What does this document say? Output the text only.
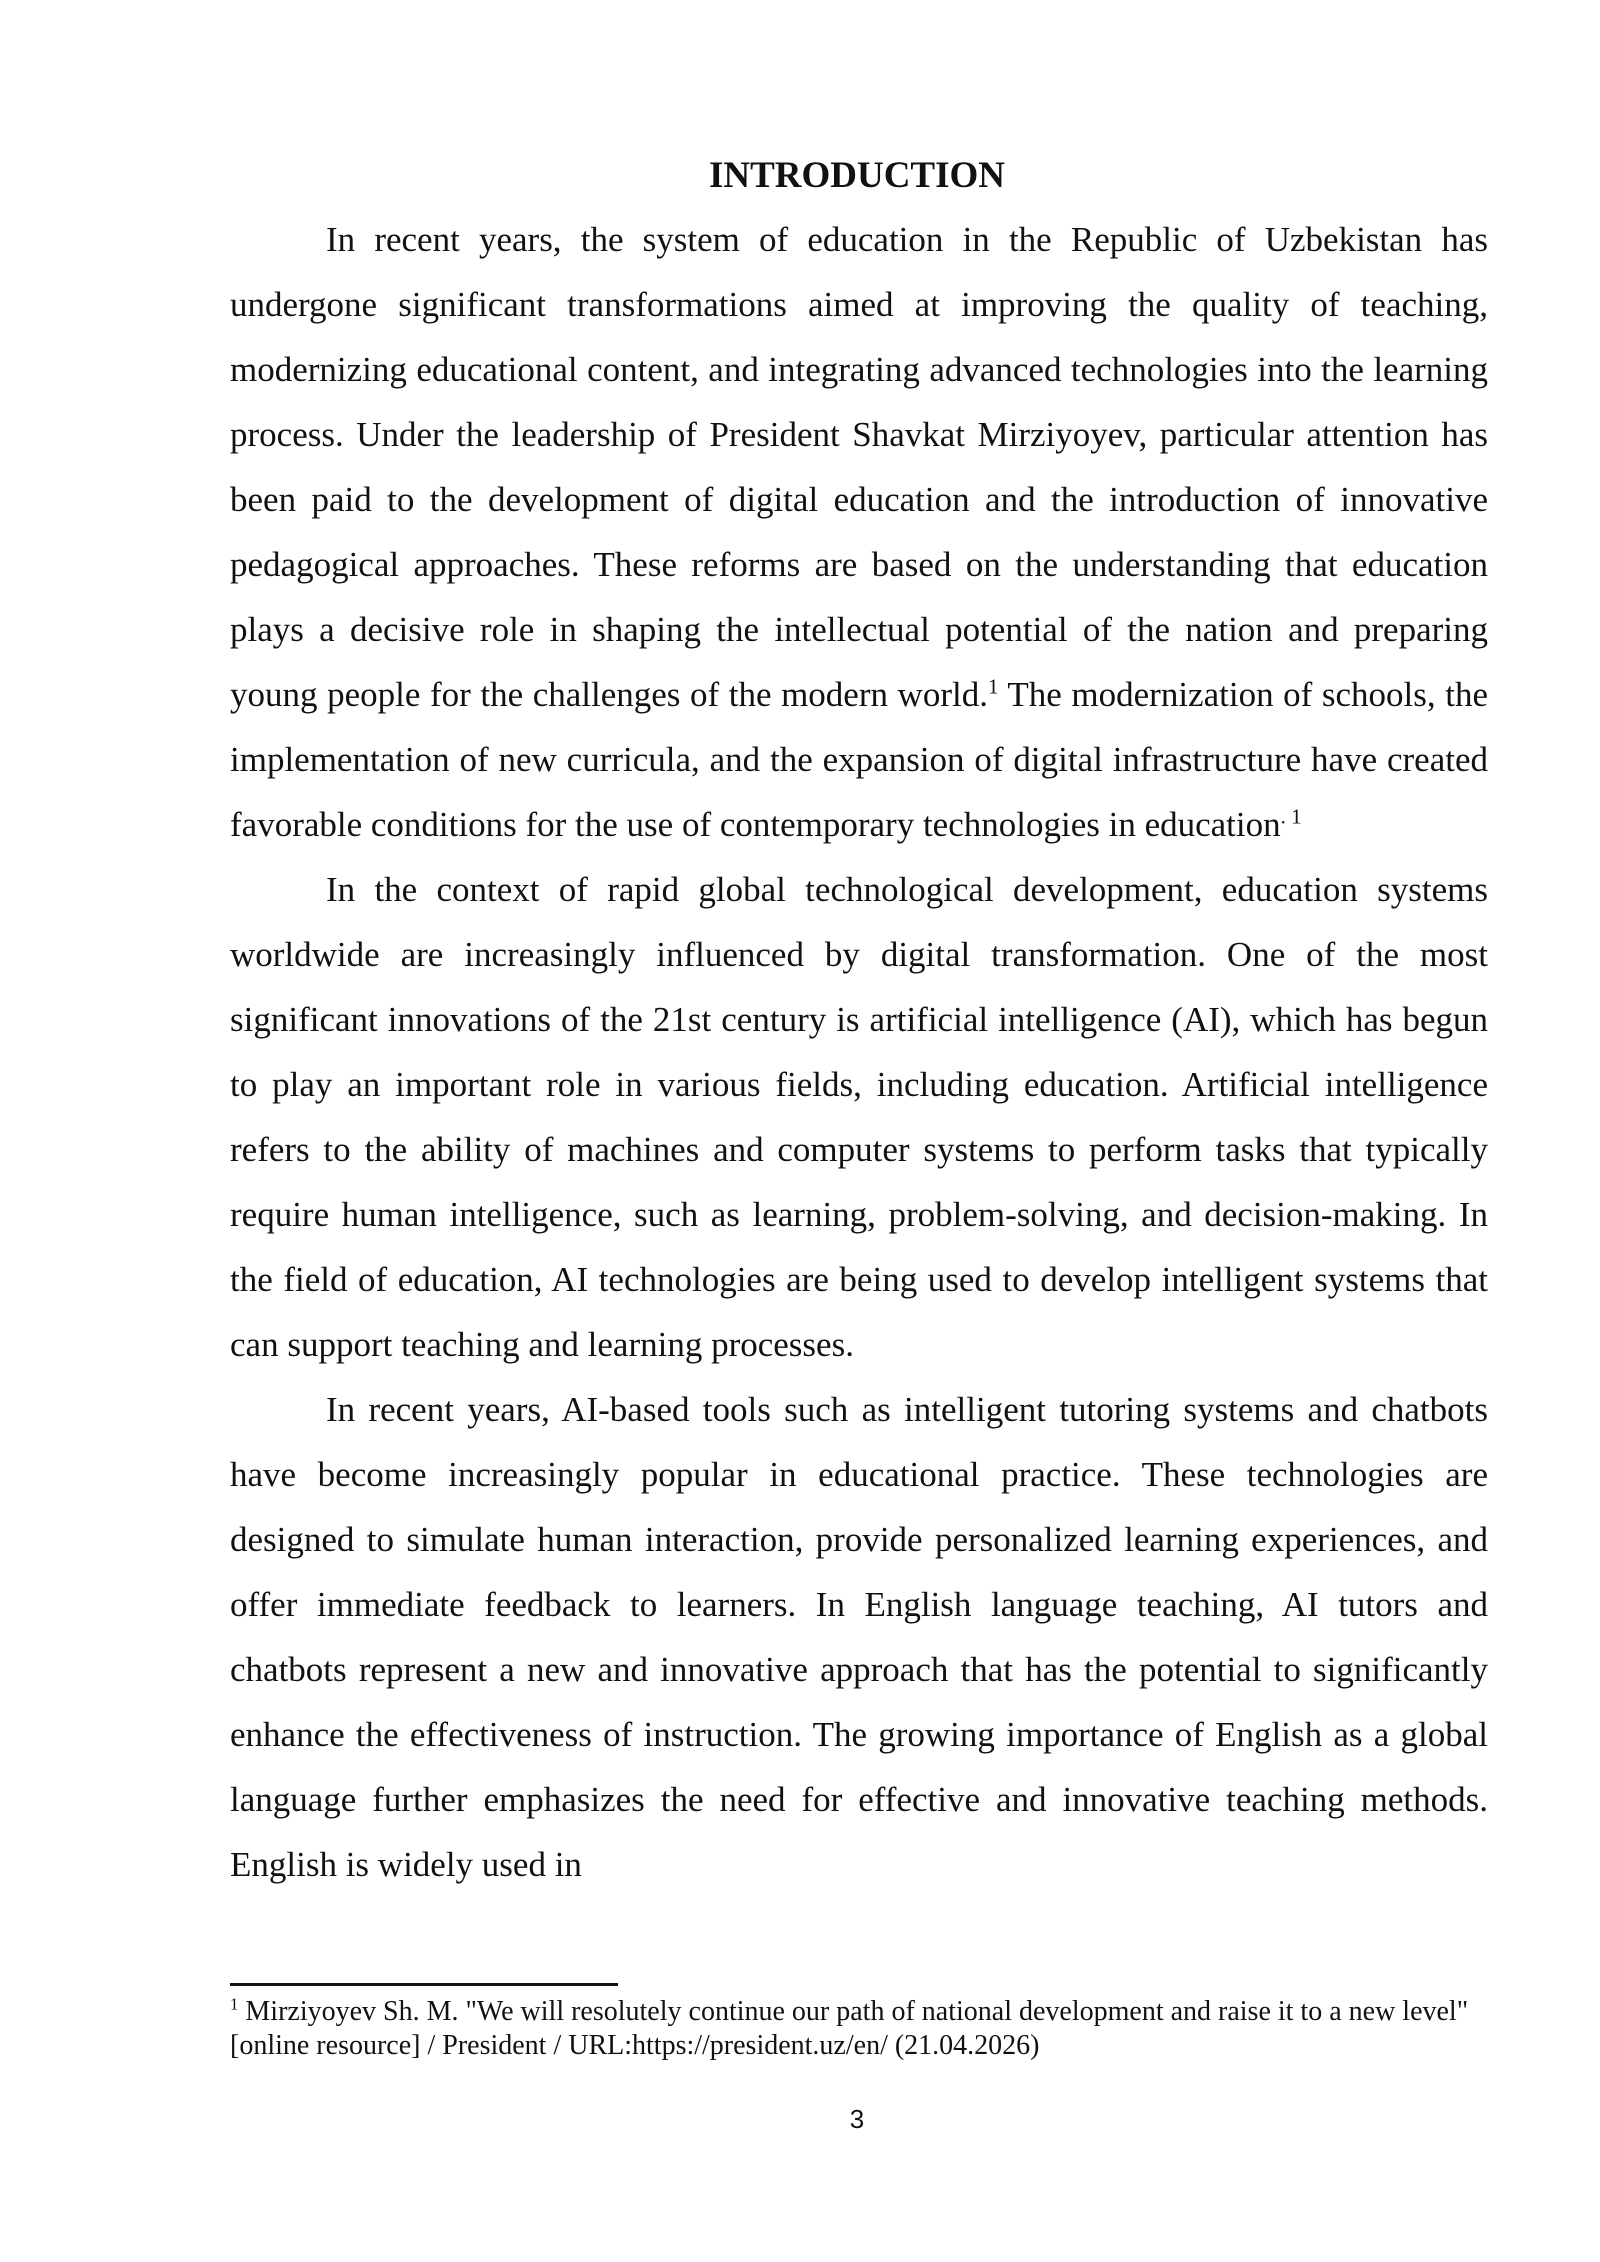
INTRODUCTION

In recent years, the system of education in the Republic of Uzbekistan has undergone significant transformations aimed at improving the quality of teaching, modernizing educational content, and integrating advanced technologies into the learning process. Under the leadership of President Shavkat Mirziyoyev, particular attention has been paid to the development of digital education and the introduction of innovative pedagogical approaches. These reforms are based on the understanding that education plays a decisive role in shaping the intellectual potential of the nation and preparing young people for the challenges of the modern world.$^1$ The modernization of schools, the implementation of new curricula, and the expansion of digital infrastructure have created favorable conditions for the use of contemporary technologies in education. $^1$

In the context of rapid global technological development, education systems worldwide are increasingly influenced by digital transformation. One of the most significant innovations of the 21st century is artificial intelligence (AI), which has begun to play an important role in various fields, including education. Artificial intelligence refers to the ability of machines and computer systems to perform tasks that typically require human intelligence, such as learning, problem-solving, and decision-making. In the field of education, AI technologies are being used to develop intelligent systems that can support teaching and learning processes.

In recent years, AI-based tools such as intelligent tutoring systems and chatbots have become increasingly popular in educational practice. These technologies are designed to simulate human interaction, provide personalized learning experiences, and offer immediate feedback to learners. In English language teaching, AI tutors and chatbots represent a new and innovative approach that has the potential to significantly enhance the effectiveness of instruction. The growing importance of English as a global language further emphasizes the need for effective and innovative teaching methods. English is widely used in

$^1$ Mirziyoyev Sh. M. "We will resolutely continue our path of national development and raise it to a new level" [online resource] / President / URL:https://president.uz/en/ (21.04.2026)
3
